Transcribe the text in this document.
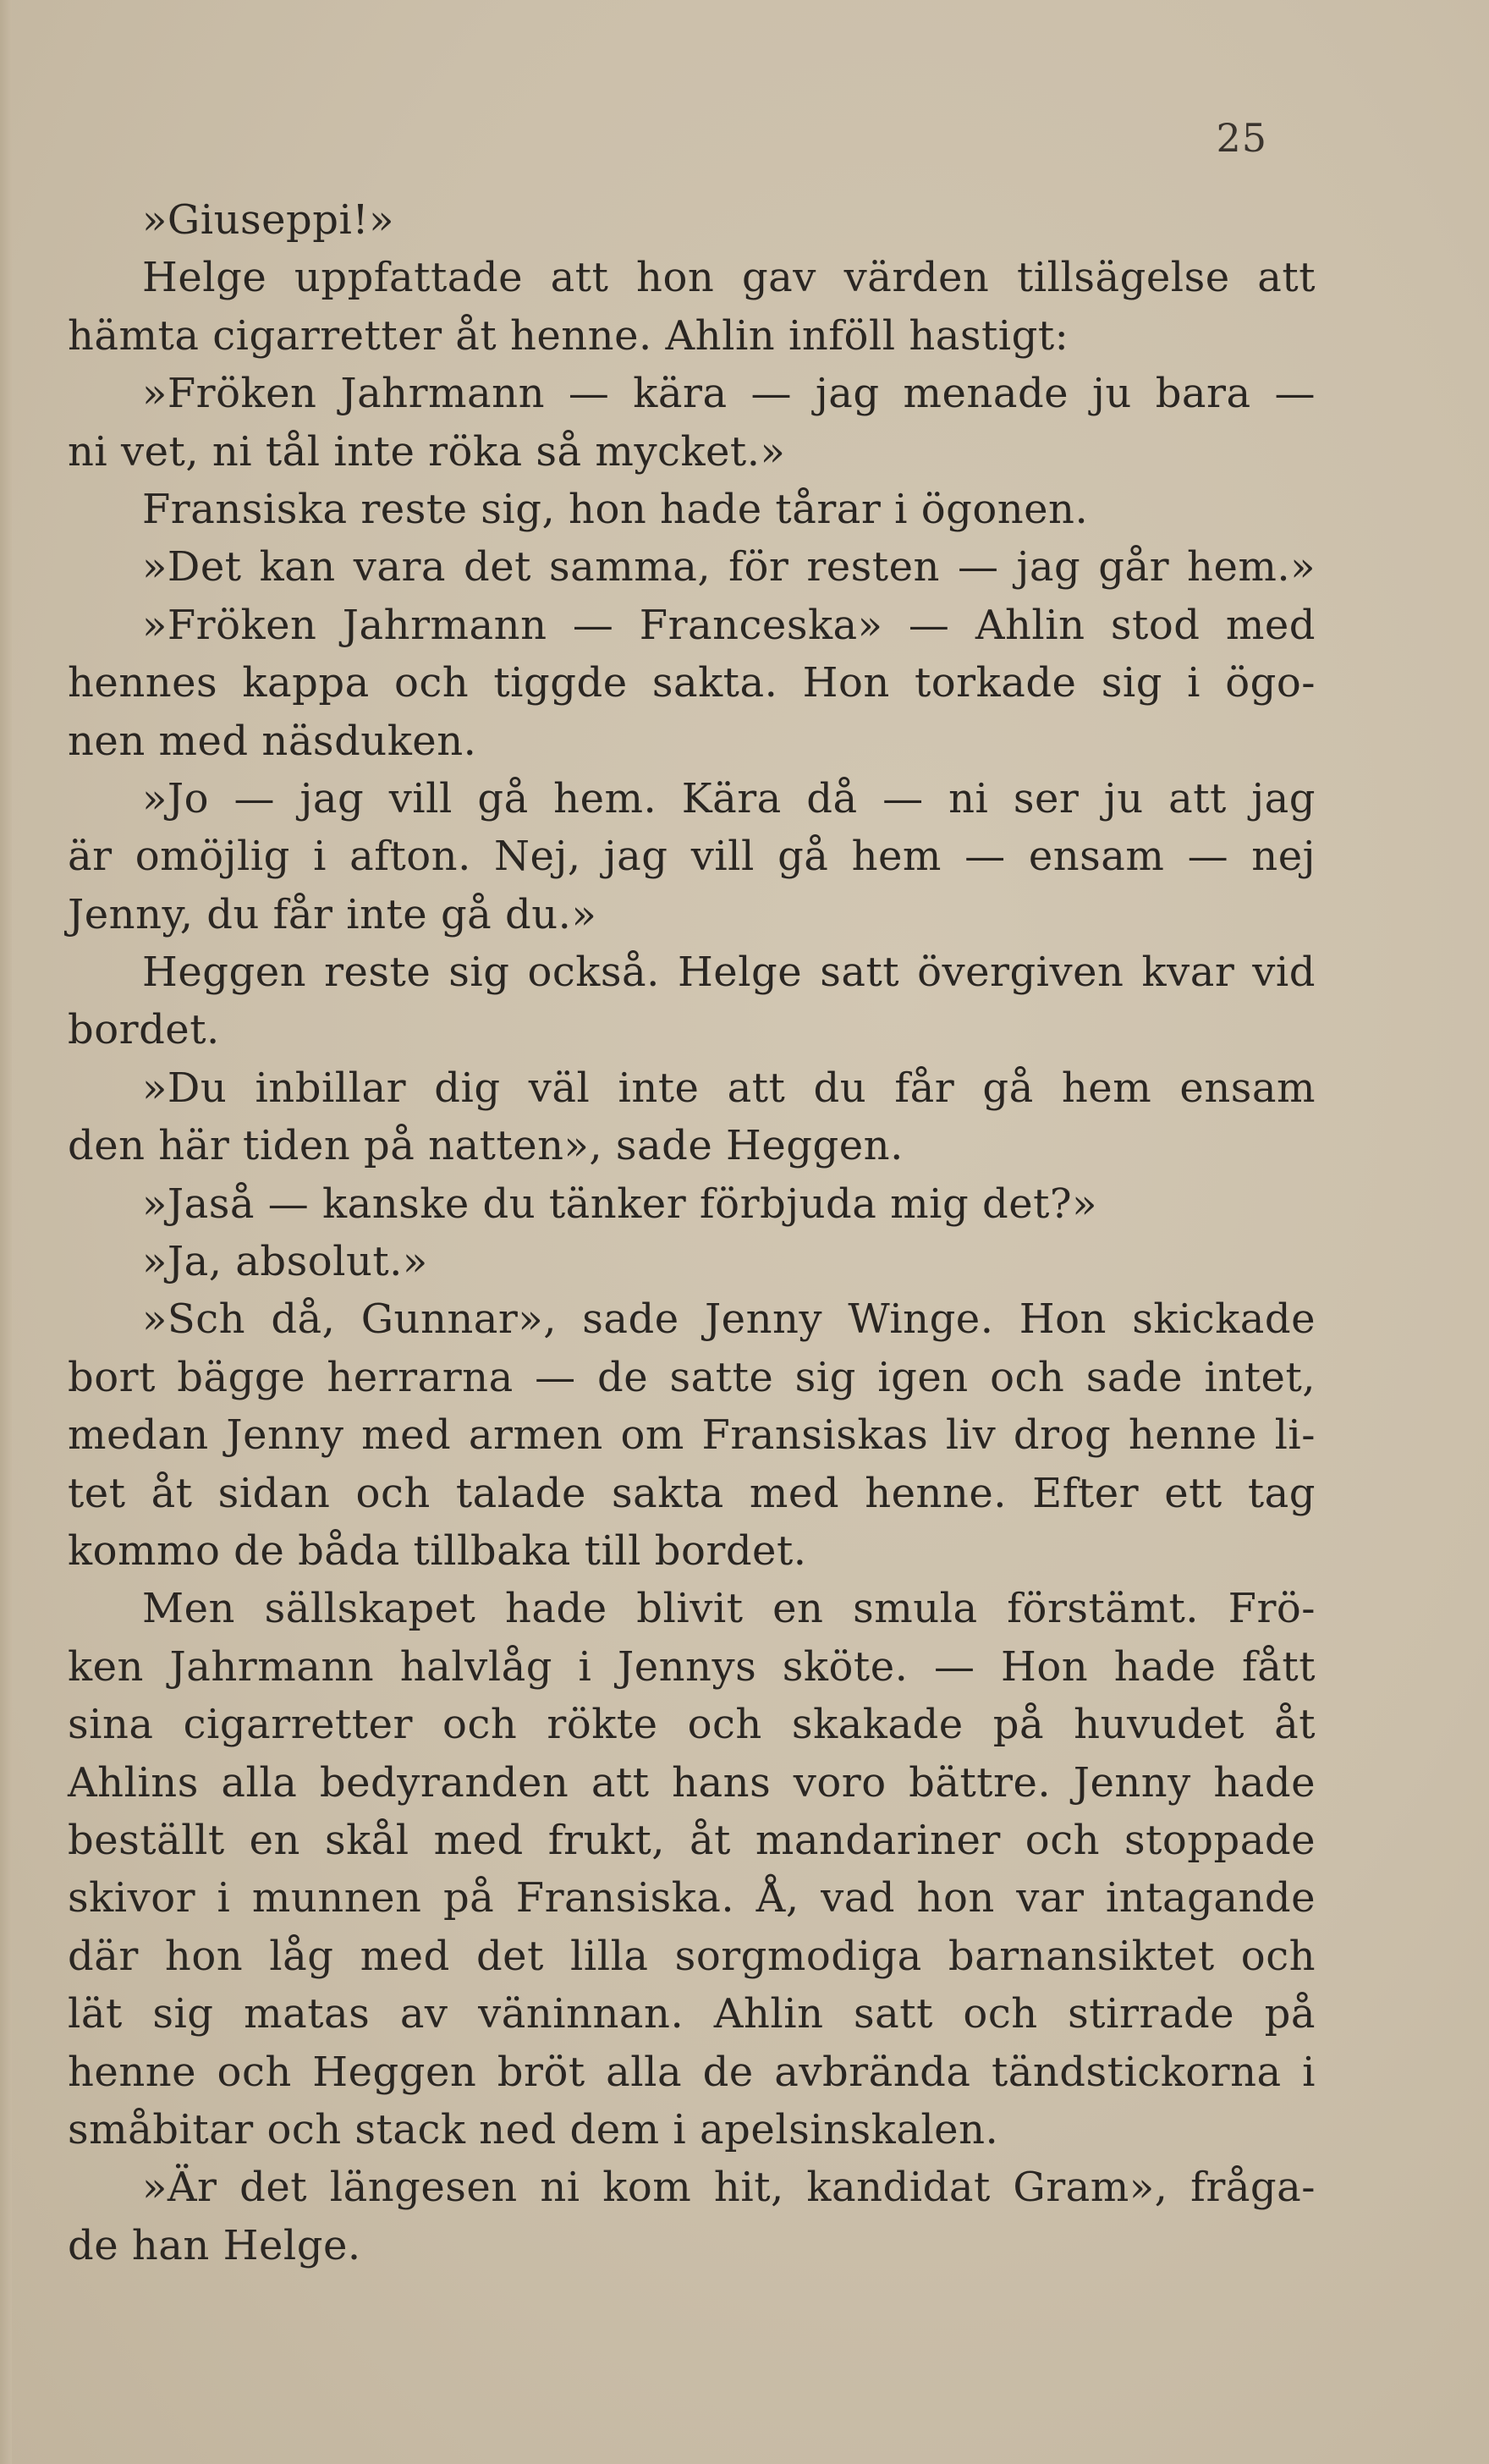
25
»Giuseppi!»
Helge uppfattade att hon gav värden tillsägelse att
hämta cigarretter åt henne. Ahlin inföll hastigt:
»Fröken Jahrmann — kära — jag menade ju bara —
ni vet, ni tål inte röka så mycket.»
Fransiska reste sig, hon hade tårar i ögonen.
»Det kan vara det samma, för resten — jag går hem.»
»Fröken Jahrmann — Franceska» — Ahlin stod med
hennes kappa och tiggde sakta. Hon torkade sig i ögo-
nen med näsduken.
»Jo — jag vill gå hem. Kära då — ni ser ju att jag
är omöjlig i afton. Nej, jag vill gå hem — ensam — nej
Jenny, du får inte gå du.»
Heggen reste sig också. Helge satt övergiven kvar vid
bordet.
»Du inbillar dig väl inte att du får gå hem ensam
den här tiden på natten», sade Heggen.
»Jaså — kanske du tänker förbjuda mig det?»
»Ja, absolut.»
»Sch då, Gunnar», sade Jenny Winge. Hon skickade
bort bägge herrarna — de satte sig igen och sade intet,
medan Jenny med armen om Fransiskas liv drog henne li-
tet åt sidan och talade sakta med henne. Efter ett tag
kommo de båda tillbaka till bordet.
Men sällskapet hade blivit en smula förstämt. Frö-
ken Jahrmann halvlåg i Jennys sköte. — Hon hade fått
sina cigarretter och rökte och skakade på huvudet åt
Ahlins alla bedyranden att hans voro bättre. Jenny hade
beställt en skål med frukt, åt mandariner och stoppade
skivor i munnen på Fransiska. Å, vad hon var intagande
där hon låg med det lilla sorgmodiga barnansiktet och
lät sig matas av väninnan. Ahlin satt och stirrade på
henne och Heggen bröt alla de avbrända tändstickorna i
småbitar och stack ned dem i apelsinskalen.
»Är det längesen ni kom hit, kandidat Gram», fråga-
de han Helge.
